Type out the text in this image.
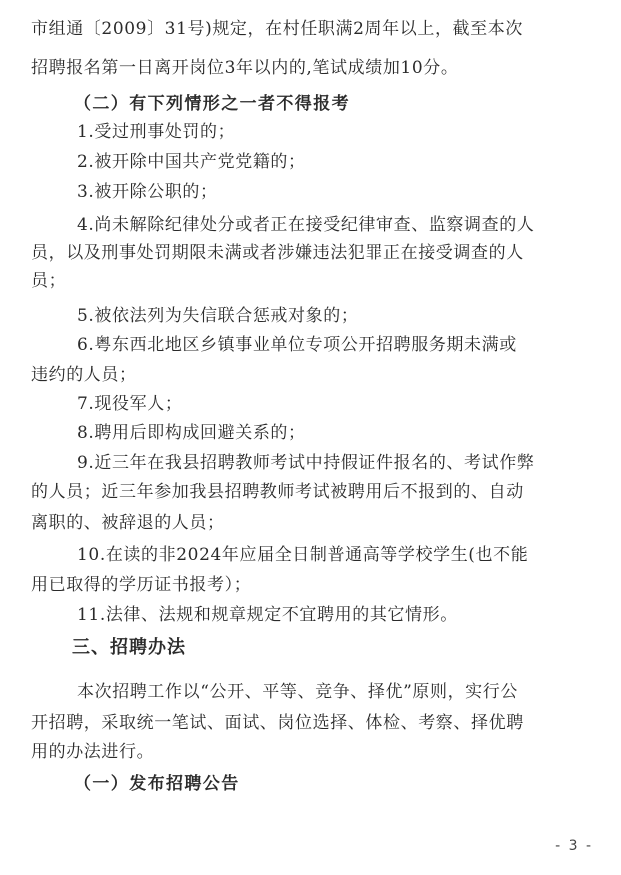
市组通〔2009〕31号)规定，在村任职满2周年以上，截至本次
招聘报名第一日离开岗位3年以内的,笔试成绩加10分。
（二）有下列情形之一者不得报考
1.受过刑事处罚的；
2.被开除中国共产党党籍的；
3.被开除公职的；
4.尚未解除纪律处分或者正在接受纪律审查、监察调查的人
员，以及刑事处罚期限未满或者涉嫌违法犯罪正在接受调查的人
员；
5.被依法列为失信联合惩戒对象的；
6.粤东西北地区乡镇事业单位专项公开招聘服务期未满或
违约的人员；
7.现役军人；
8.聘用后即构成回避关系的；
9.近三年在我县招聘教师考试中持假证件报名的、考试作弊
的人员；近三年参加我县招聘教师考试被聘用后不报到的、自动
离职的、被辞退的人员；
10.在读的非2024年应届全日制普通高等学校学生(也不能
用已取得的学历证书报考）；
11.法律、法规和规章规定不宜聘用的其它情形。
三、招聘办法
本次招聘工作以“公开、平等、竞争、择优”原则，实行公
开招聘，采取统一笔试、面试、岗位选择、体检、考察、择优聘
用的办法进行。
（一）发布招聘公告
- 3 -
